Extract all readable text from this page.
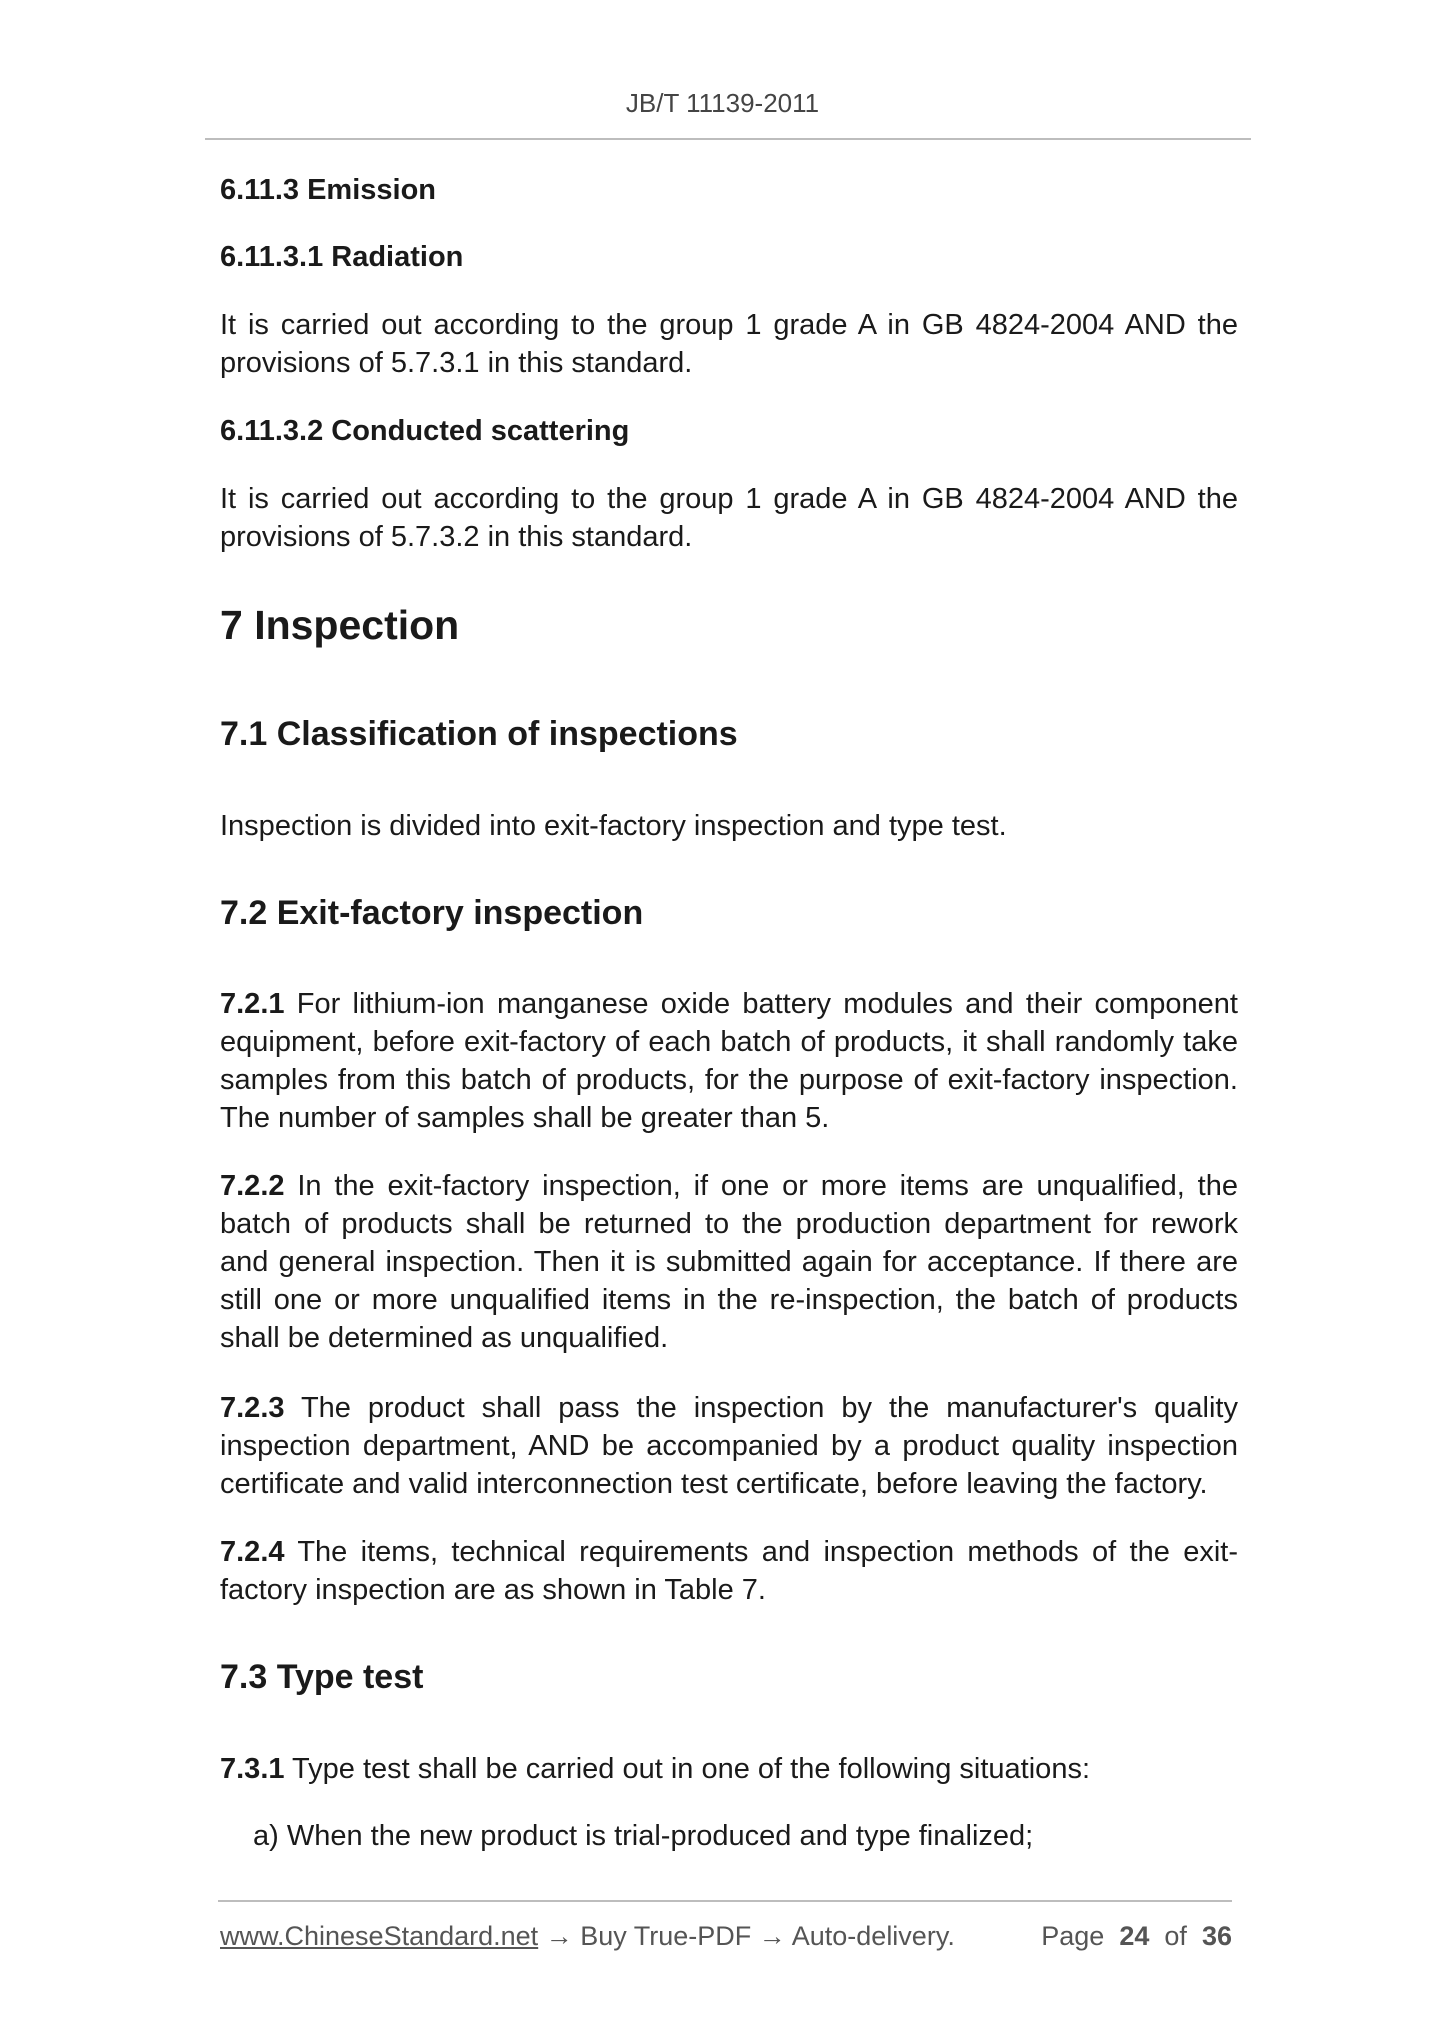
JB/T 11139-2011
6.11.3 Emission
6.11.3.1 Radiation

It is carried out according to the group 1 grade A in GB 4824-2004 AND the provisions of 5.7.3.1 in this standard.

6.11.3.2 Conducted scattering

It is carried out according to the group 1 grade A in GB 4824-2004 AND the provisions of 5.7.3.2 in this standard.

7 Inspection
7.1 Classification of inspections

Inspection is divided into exit-factory inspection and type test.

7.2 Exit-factory inspection

7.2.1 For lithium-ion manganese oxide battery modules and their component equipment, before exit-factory of each batch of products, it shall randomly take samples from this batch of products, for the purpose of exit-factory inspection. The number of samples shall be greater than 5.

7.2.2 In the exit-factory inspection, if one or more items are unqualified, the batch of products shall be returned to the production department for rework and general inspection. Then it is submitted again for acceptance. If there are still one or more unqualified items in the re-inspection, the batch of products shall be determined as unqualified.

7.2.3 The product shall pass the inspection by the manufacturer's quality inspection department, AND be accompanied by a product quality inspection certificate and valid interconnection test certificate, before leaving the factory.

7.2.4 The items, technical requirements and inspection methods of the exit-factory inspection are as shown in Table 7.

7.3 Type test

7.3.1 Type test shall be carried out in one of the following situations:

a) When the new product is trial-produced and type finalized;
www.ChineseStandard.net → Buy True-PDF → Auto-delivery.	Page 24 of 36
